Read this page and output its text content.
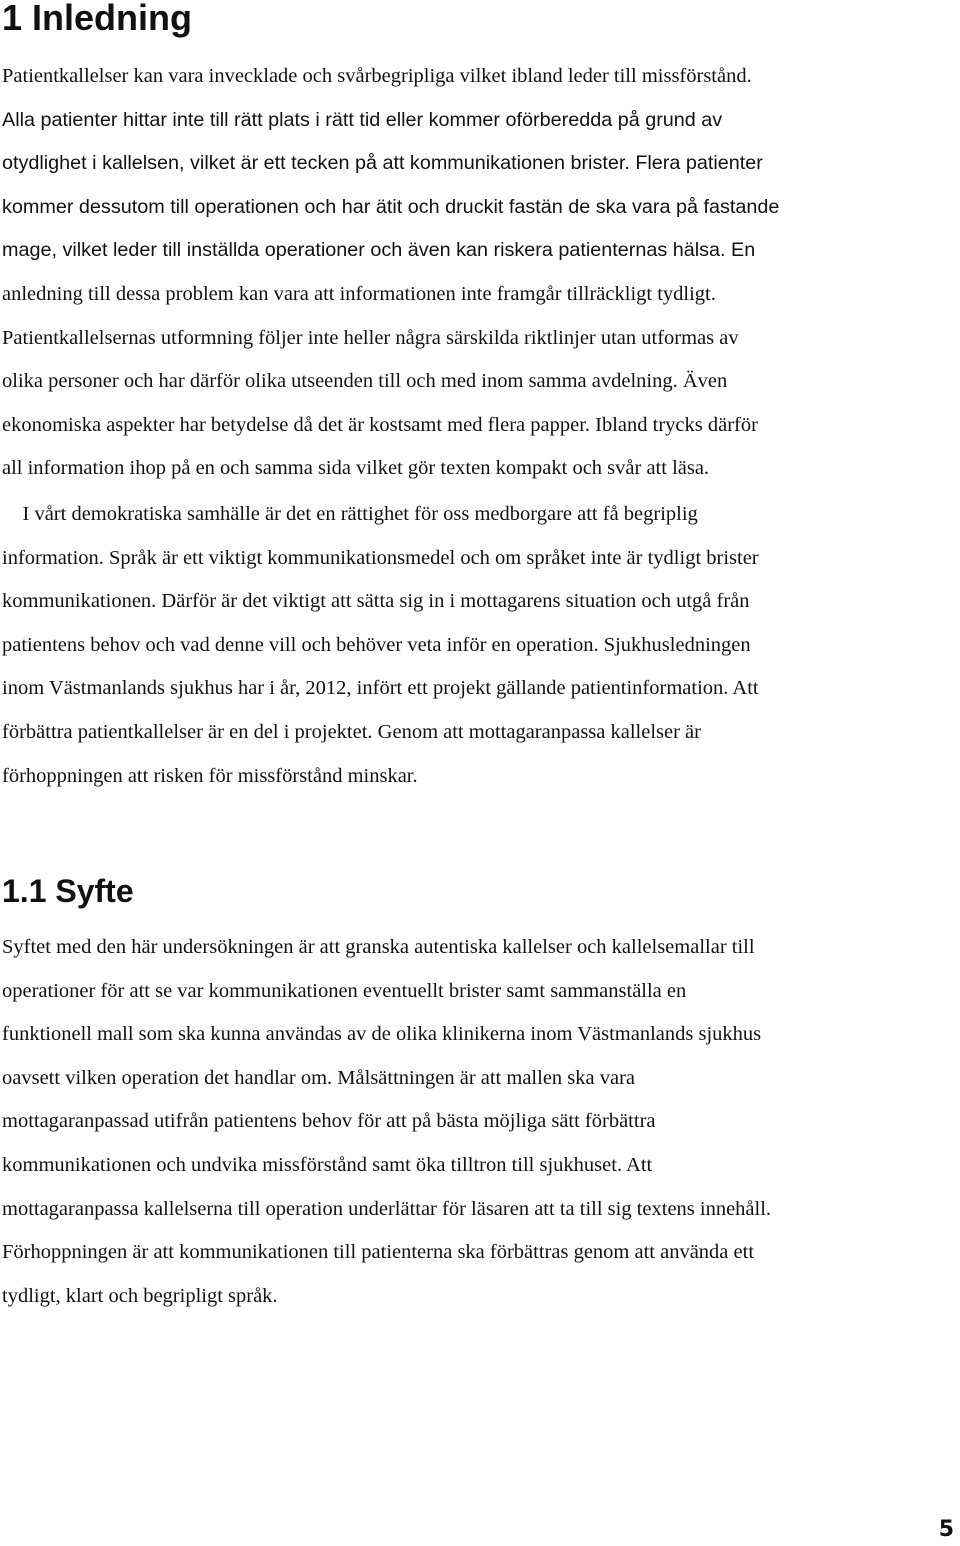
1 Inledning
Patientkallelser kan vara invecklade och svårbegripliga vilket ibland leder till missförstånd.
Alla patienter hittar inte till rätt plats i rätt tid eller kommer oförberedda på grund av
otydlighet i kallelsen, vilket är ett tecken på att kommunikationen brister. Flera patienter
kommer dessutom till operationen och har ätit och druckit fastän de ska vara på fastande
mage, vilket leder till inställda operationer och även kan riskera patienternas hälsa. En
anledning till dessa problem kan vara att informationen inte framgår tillräckligt tydligt.
Patientkallelsernas utformning följer inte heller några särskilda riktlinjer utan utformas av
olika personer och har därför olika utseenden till och med inom samma avdelning. Även
ekonomiska aspekter har betydelse då det är kostsamt med flera papper. Ibland trycks därför
all information ihop på en och samma sida vilket gör texten kompakt och svår att läsa.
I vårt demokratiska samhälle är det en rättighet för oss medborgare att få begriplig
information. Språk är ett viktigt kommunikationsmedel och om språket inte är tydligt brister
kommunikationen. Därför är det viktigt att sätta sig in i mottagarens situation och utgå från
patientens behov och vad denne vill och behöver veta inför en operation. Sjukhusledningen
inom Västmanlands sjukhus har i år, 2012, infört ett projekt gällande patientinformation. Att
förbättra patientkallelser är en del i projektet. Genom att mottagaranpassa kallelser är
förhoppningen att risken för missförstånd minskar.
1.1 Syfte
Syftet med den här undersökningen är att granska autentiska kallelser och kallelsemallar till
operationer för att se var kommunikationen eventuellt brister samt sammanställa en
funktionell mall som ska kunna användas av de olika klinikerna inom Västmanlands sjukhus
oavsett vilken operation det handlar om. Målsättningen är att mallen ska vara
mottagaranpassad utifrån patientens behov för att på bästa möjliga sätt förbättra
kommunikationen och undvika missförstånd samt öka tilltron till sjukhuset. Att
mottagaranpassa kallelserna till operation underlättar för läsaren att ta till sig textens innehåll.
Förhoppningen är att kommunikationen till patienterna ska förbättras genom att använda ett
tydligt, klart och begripligt språk.
5
